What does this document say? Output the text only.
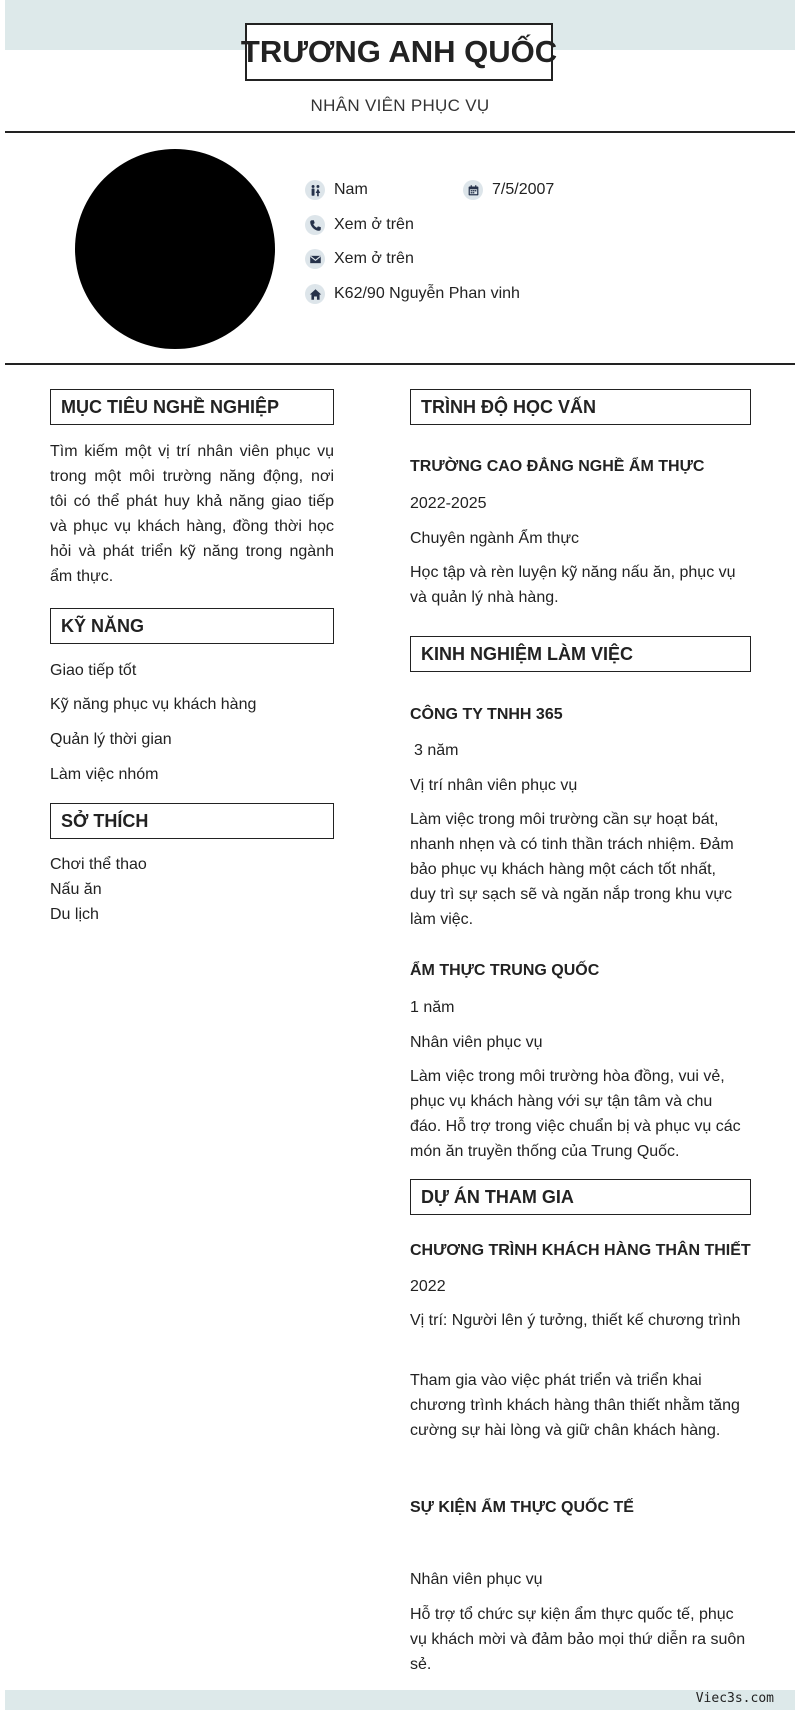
TRƯƠNG ANH QUỐC
NHÂN VIÊN PHỤC VỤ
Nam	7/5/2007
Xem ở trên
Xem ở trên
K62/90 Nguyễn Phan vinh
MỤC TIÊU NGHỀ NGHIỆP
Tìm kiếm một vị trí nhân viên phục vụ trong một môi trường năng động, nơi tôi có thể phát huy khả năng giao tiếp và phục vụ khách hàng, đồng thời học hỏi và phát triển kỹ năng trong ngành ẩm thực.
KỸ NĂNG
Giao tiếp tốt
Kỹ năng phục vụ khách hàng
Quản lý thời gian
Làm việc nhóm
SỞ THÍCH
Chơi thể thao
Nấu ăn
Du lịch
TRÌNH ĐỘ HỌC VẤN
TRƯỜNG CAO ĐẲNG NGHỀ ẨM THỰC
2022-2025
Chuyên ngành Ẩm thực
Học tập và rèn luyện kỹ năng nấu ăn, phục vụ và quản lý nhà hàng.
KINH NGHIỆM LÀM VIỆC
CÔNG TY TNHH 365
3 năm
Vị trí nhân viên phục vụ
Làm việc trong môi trường cần sự hoạt bát, nhanh nhẹn và có tinh thần trách nhiệm. Đảm bảo phục vụ khách hàng một cách tốt nhất, duy trì sự sạch sẽ và ngăn nắp trong khu vực làm việc.
ẨM THỰC TRUNG QUỐC
1 năm
Nhân viên phục vụ
Làm việc trong môi trường hòa đồng, vui vẻ, phục vụ khách hàng với sự tận tâm và chu đáo. Hỗ trợ trong việc chuẩn bị và phục vụ các món ăn truyền thống của Trung Quốc.
DỰ ÁN THAM GIA
CHƯƠNG TRÌNH KHÁCH HÀNG THÂN THIẾT
2022
Vị trí: Người lên ý tưởng, thiết kế chương trình
Tham gia vào việc phát triển và triển khai chương trình khách hàng thân thiết nhằm tăng cường sự hài lòng và giữ chân khách hàng.
SỰ KIỆN ẨM THỰC QUỐC TẾ
Nhân viên phục vụ
Hỗ trợ tổ chức sự kiện ẩm thực quốc tế, phục vụ khách mời và đảm bảo mọi thứ diễn ra suôn sẻ.
Viec3s.com
